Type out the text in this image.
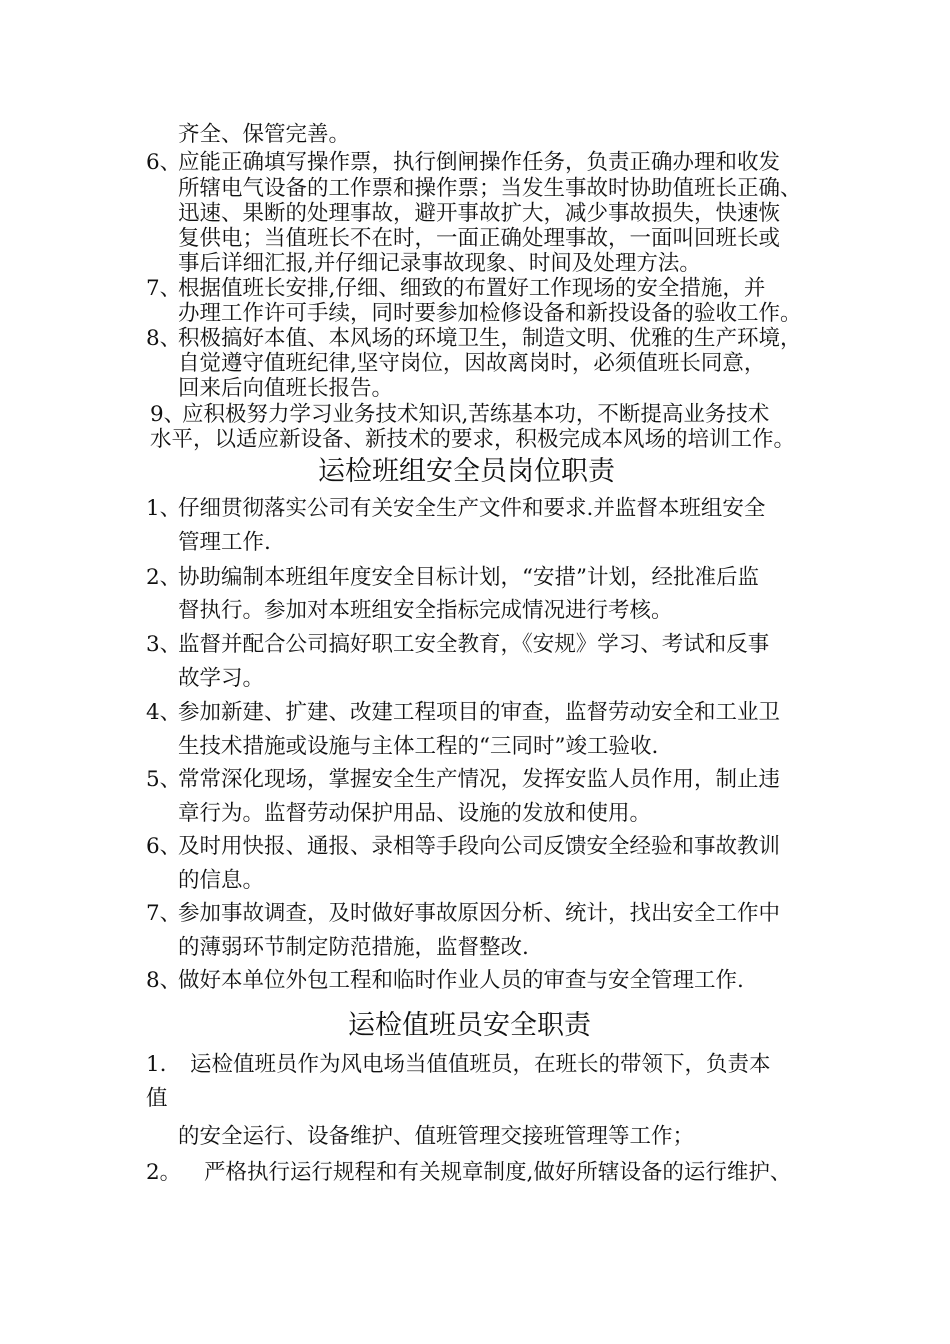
齐全、保管完善。
6、
应能正确填写操作票，执行倒闸操作任务，负责正确办理和收发
所辖电气设备的工作票和操作票；当发生事故时协助值班长正确、
迅速、果断的处理事故，避开事故扩大，减少事故损失，快速恢
复供电；当值班长不在时，一面正确处理事故，一面叫回班长或
事后详细汇报,并仔细记录事故现象、时间及处理方法。
7、
根据值班长安排,仔细、细致的布置好工作现场的安全措施，并
办理工作许可手续，同时要参加检修设备和新投设备的验收工作。
8、
积极搞好本值、本风场的环境卫生，制造文明、优雅的生产环境，
自觉遵守值班纪律,坚守岗位，因故离岗时，必须值班长同意，
回来后向值班长报告。
9、
应积极努力学习业务技术知识,苦练基本功，不断提高业务技术
水平，以适应新设备、新技术的要求，积极完成本风场的培训工作。
运检班组安全员岗位职责
1、
仔细贯彻落实公司有关安全生产文件和要求.并监督本班组安全
管理工作.
2、
协助编制本班组年度安全目标计划，“安措”计划，经批准后监
督执行。参加对本班组安全指标完成情况进行考核。
3、
监督并配合公司搞好职工安全教育，《安规》学习、考试和反事
故学习。
4、
参加新建、扩建、改建工程项目的审查，监督劳动安全和工业卫
生技术措施或设施与主体工程的“三同时”竣工验收.
5、
常常深化现场，掌握安全生产情况，发挥安监人员作用，制止违
章行为。监督劳动保护用品、设施的发放和使用。
6、
及时用快报、通报、录相等手段向公司反馈安全经验和事故教训
的信息。
7、
参加事故调查，及时做好事故原因分析、统计，找出安全工作中
的薄弱环节制定防范措施，监督整改.
8、
做好本单位外包工程和临时作业人员的审查与安全管理工作.
运检值班员安全职责
1. 运检值班员作为风电场当值值班员，在班长的带领下，负责本
值
的安全运行、设备维护、值班管理交接班管理等工作；
2。 严格执行运行规程和有关规章制度,做好所辖设备的运行维护、
